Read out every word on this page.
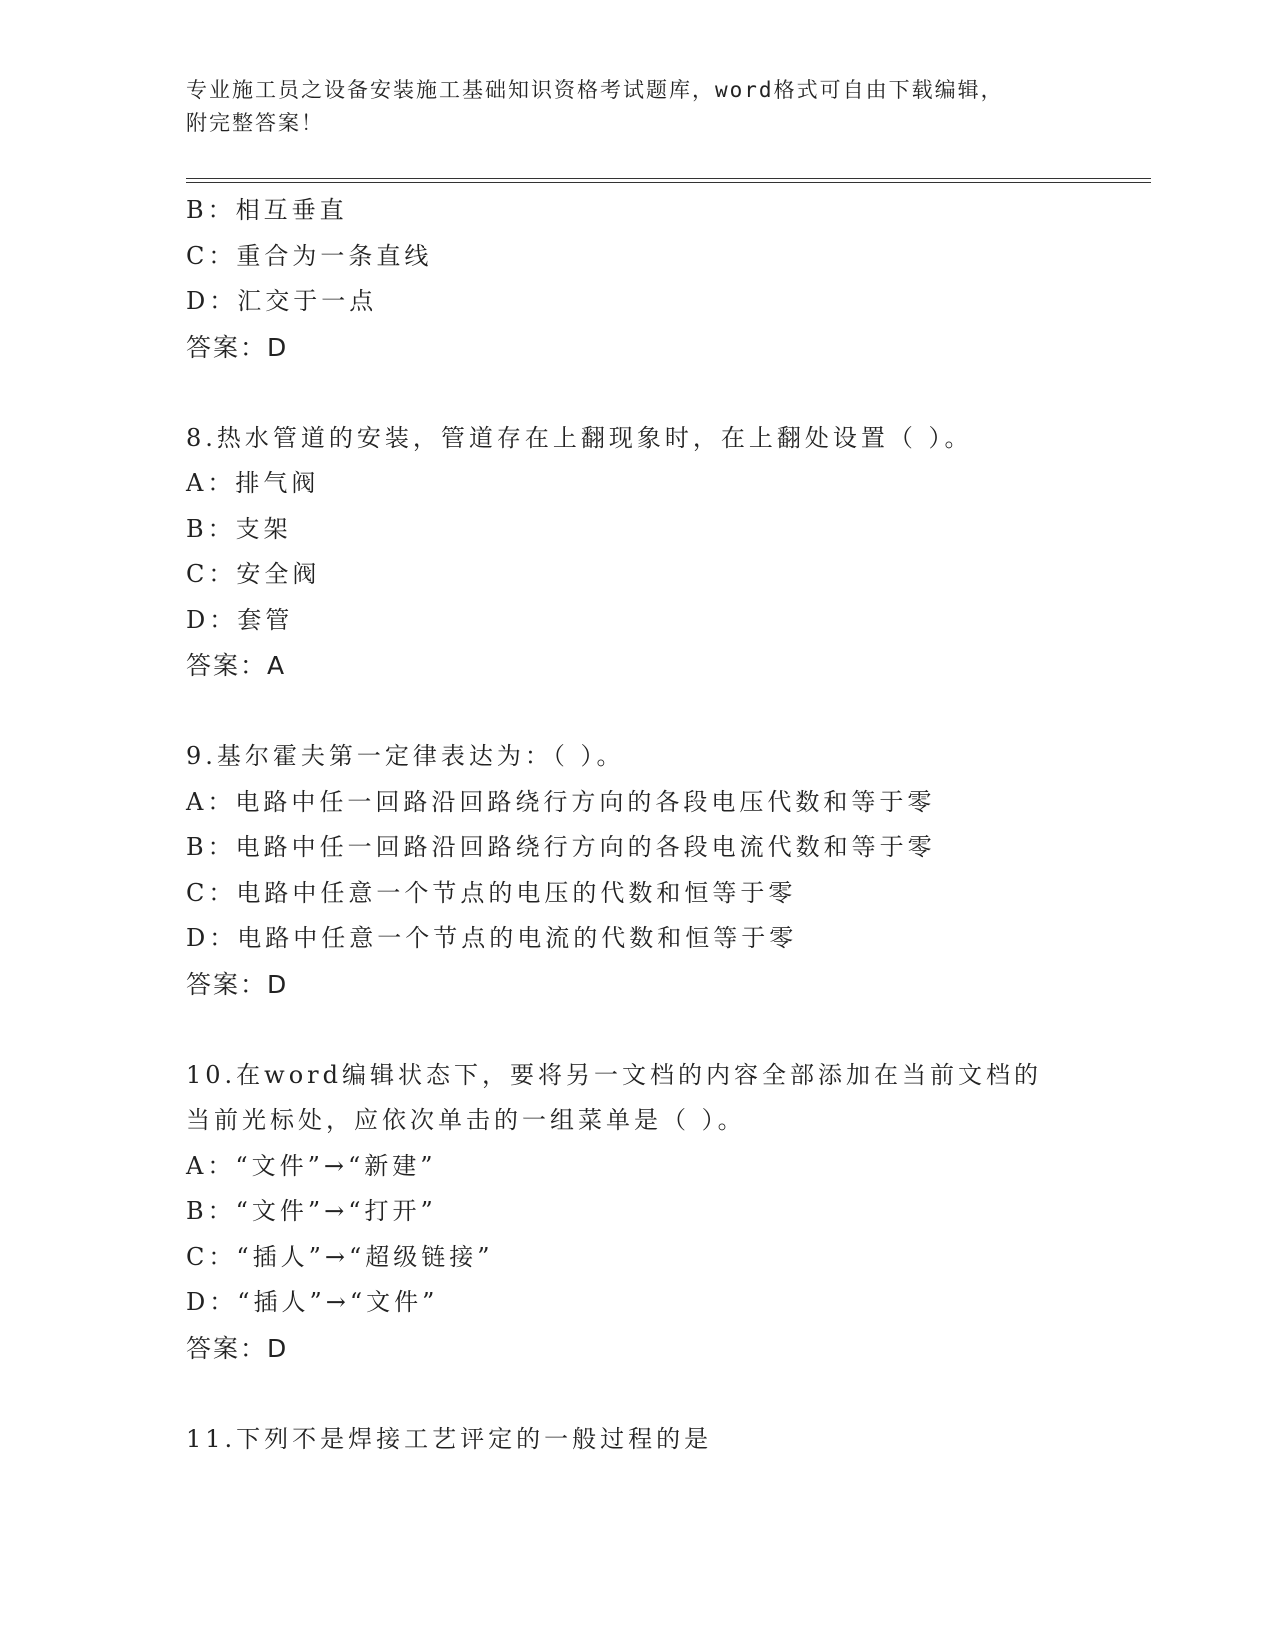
专业施工员之设备安装施工基础知识资格考试题库，word格式可自由下载编辑，
附完整答案！
B：相互垂直
C：重合为一条直线
D：汇交于一点
答案：D
8.热水管道的安装，管道存在上翻现象时，在上翻处设置（ ）。
A：排气阀
B：支架
C：安全阀
D：套管
答案：A
9.基尔霍夫第一定律表达为：（ ）。
A：电路中任一回路沿回路绕行方向的各段电压代数和等于零
B：电路中任一回路沿回路绕行方向的各段电流代数和等于零
C：电路中任意一个节点的电压的代数和恒等于零
D：电路中任意一个节点的电流的代数和恒等于零
答案：D
10.在word编辑状态下，要将另一文档的内容全部添加在当前文档的
当前光标处，应依次单击的一组菜单是（ ）。
A：“文件”→“新建”
B：“文件”→“打开”
C：“插人”→“超级链接”
D：“插人”→“文件”
答案：D
11.下列不是焊接工艺评定的一般过程的是
